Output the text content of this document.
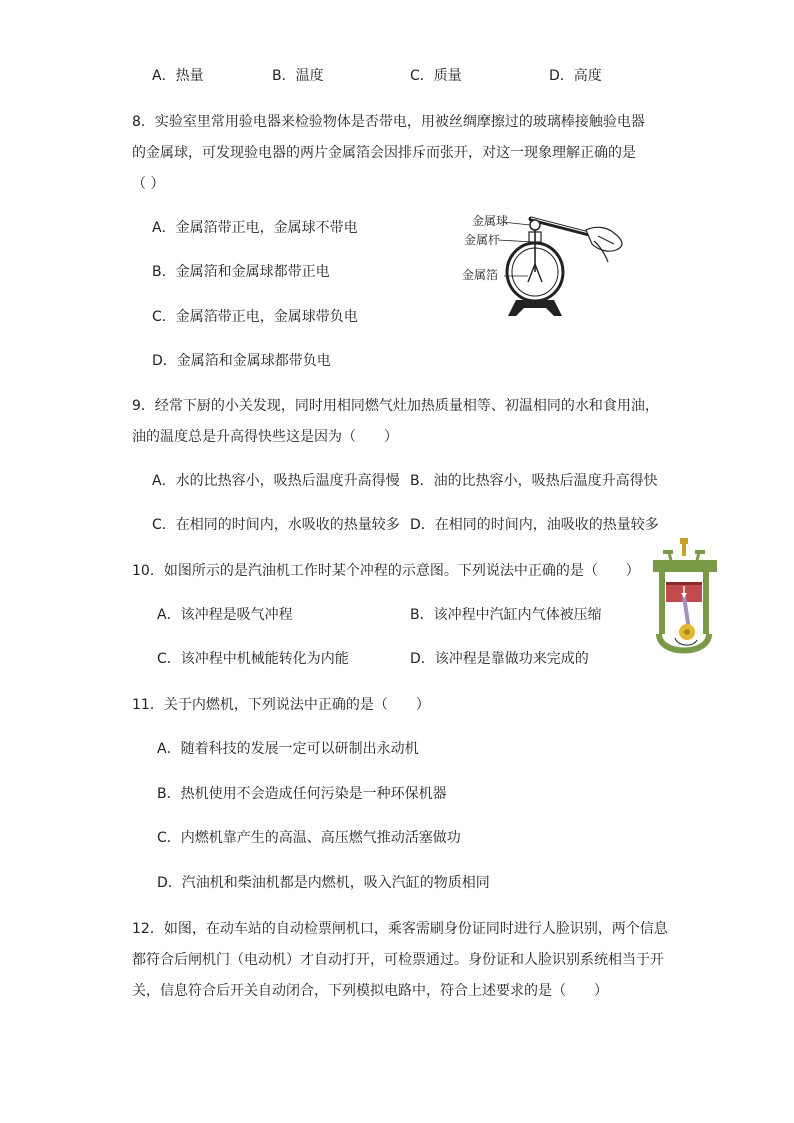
A．热量	B．温度	C．质量	D．高度
8．实验室里常用验电器来检验物体是否带电，用被丝绸摩擦过的玻璃棒接触验电器
的金属球，可发现验电器的两片金属箔会因排斥而张开，对这一现象理解正确的是
（ ）
A．金属箔带正电，金属球不带电
B．金属箔和金属球都带正电
C．金属箔带正电，金属球带负电
D．金属箔和金属球都带负电
金属球
金属杆
金属箔
9．经常下厨的小关发现，同时用相同燃气灶加热质量相等、初温相同的水和食用油，
油的温度总是升高得快些这是因为（　　）
A．水的比热容小，吸热后温度升高得慢 B．油的比热容小，吸热后温度升高得快
C．在相同的时间内，水吸收的热量较多 D．在相同的时间内，油吸收的热量较多
10．如图所示的是汽油机工作时某个冲程的示意图。下列说法中正确的是（　　）
A．该冲程是吸气冲程	B．该冲程中汽缸内气体被压缩
C．该冲程中机械能转化为内能	D．该冲程是靠做功来完成的
11．关于内燃机，下列说法中正确的是（　　）
A．随着科技的发展一定可以研制出永动机
B．热机使用不会造成任何污染是一种环保机器
C．内燃机靠产生的高温、高压燃气推动活塞做功
D．汽油机和柴油机都是内燃机，吸入汽缸的物质相同
12．如图，在动车站的自动检票闸机口，乘客需刷身份证同时进行人脸识别，两个信息
都符合后闸机门（电动机）才自动打开，可检票通过。身份证和人脸识别系统相当于开
关，信息符合后开关自动闭合，下列模拟电路中，符合上述要求的是（　　）
